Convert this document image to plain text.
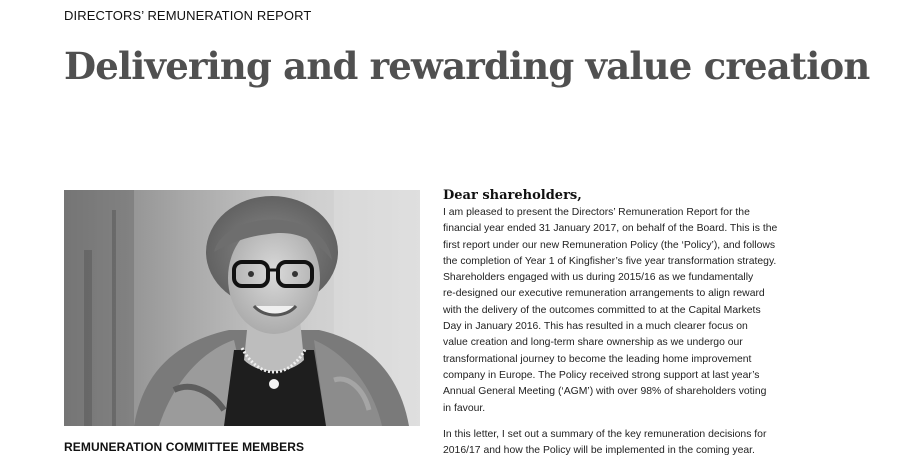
DIRECTORS’ REMUNERATION REPORT
Delivering and rewarding value creation
REMUNERATION COMMITTEE MEMBERS

Dear shareholders,

I am pleased to present the Directors’ Remuneration Report for the
financial year ended 31 January 2017, on behalf of the Board. This is the
first report under our new Remuneration Policy (the ‘Policy’), and follows
the completion of Year 1 of Kingfisher’s five year transformation strategy.
Shareholders engaged with us during 2015/16 as we fundamentally
re-designed our executive remuneration arrangements to align reward
with the delivery of the outcomes committed to at the Capital Markets
Day in January 2016. This has resulted in a much clearer focus on
value creation and long-term share ownership as we undergo our
transformational journey to become the leading home improvement
company in Europe. The Policy received strong support at last year’s
Annual General Meeting (‘AGM’) with over 98% of shareholders voting
in favour.

In this letter, I set out a summary of the key remuneration decisions for
2016/17 and how the Policy will be implemented in the coming year.
